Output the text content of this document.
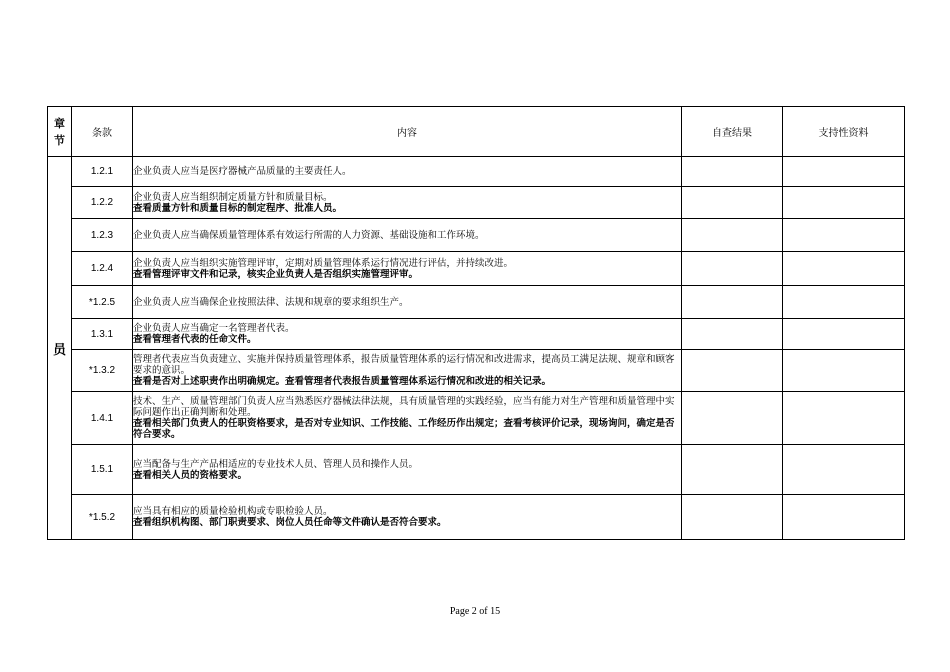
章
节	条款	内容	自查结果	支持性资料
员	1.2.1	企业负责人应当是医疗器械产品质量的主要责任人。		

	1.2.2	企业负责人应当组织制定质量方针和质量目标。
查看质量方针和质量目标的制定程序、批准人员。		

	1.2.3	企业负责人应当确保质量管理体系有效运行所需的人力资源、基础设施和工作环境。		

	1.2.4	企业负责人应当组织实施管理评审，定期对质量管理体系运行情况进行评估，并持续改进。
查看管理评审文件和记录，核实企业负责人是否组织实施管理评审。		

	*1.2.5	企业负责人应当确保企业按照法律、法规和规章的要求组织生产。		

	1.3.1	企业负责人应当确定一名管理者代表。
查看管理者代表的任命文件。		

	*1.3.2	管理者代表应当负责建立、实施并保持质量管理体系，报告质量管理体系的运行情况和改进需求，提高员工满足法规、规章和顾客要求的意识。
查看是否对上述职责作出明确规定。查看管理者代表报告质量管理体系运行情况和改进的相关记录。		

	1.4.1	技术、生产、质量管理部门负责人应当熟悉医疗器械法律法规，具有质量管理的实践经验，应当有能力对生产管理和质量管理中实际问题作出正确判断和处理。
查看相关部门负责人的任职资格要求，是否对专业知识、工作技能、工作经历作出规定；查看考核评价记录，现场询问，确定是否符合要求。		

	1.5.1	应当配备与生产产品相适应的专业技术人员、管理人员和操作人员。
查看相关人员的资格要求。		

	*1.5.2	应当具有相应的质量检验机构或专职检验人员。
查看组织机构图、部门职责要求、岗位人员任命等文件确认是否符合要求。		

Page 2 of 15
